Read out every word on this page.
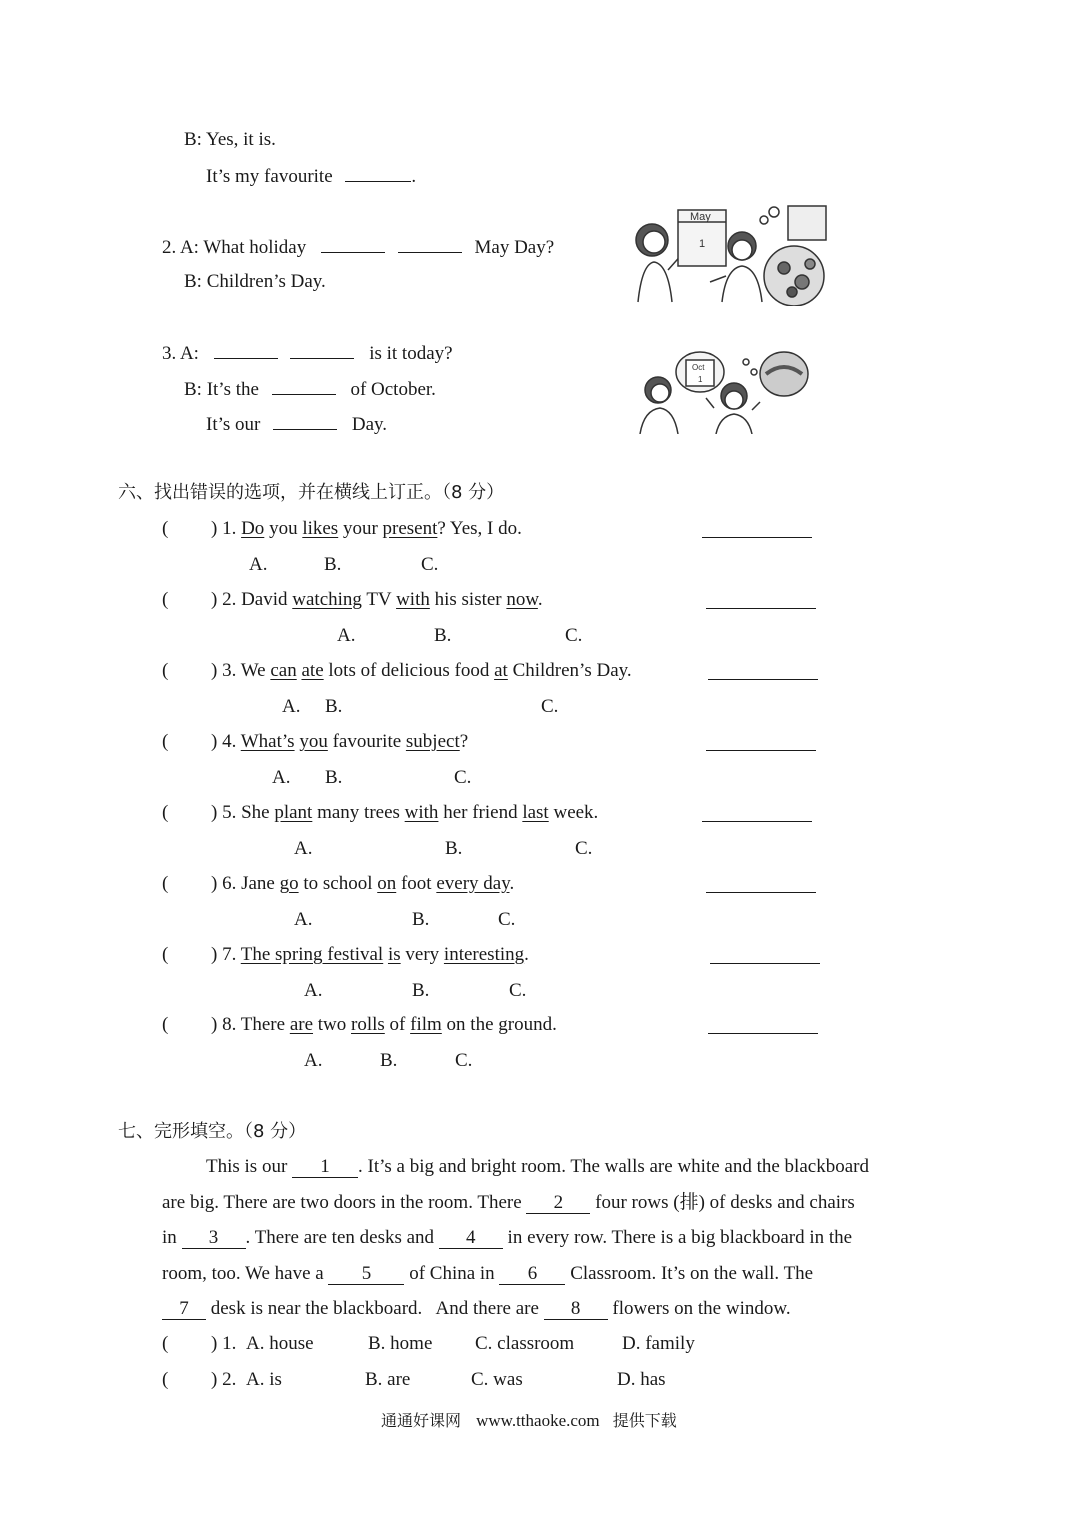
B: Yes, it is.
It’s my favourite	.
2. A: What holiday	May Day?
B: Children’s Day.
May
1
3. A:	is it today?
B: It’s the	of October.
It’s our	Day.
Oct
1
六、找出错误的选项，并在横线上订正。（8 分）
( ) 1. Do you likes your present? Yes, I do.
A.	B.	C.
( ) 2. David watching TV with his sister now.
A.	B.	C.
( ) 3. We can ate lots of delicious food at Children’s Day.
A. B.	C.
( ) 4. What’s you favourite subject?
A. B.	C.
( ) 5. She plant many trees with her friend last week.
A.	B.	C.
( ) 6. Jane go to school on foot every day.
A.	B.	C.
( ) 7. The spring festival is very interesting.
A.	B.	C.
( ) 8. There are two rolls of film on the ground.
A.	B.	C.
七、完形填空。（8 分）
This is our 1 . It’s a big and bright room. The walls are white and the blackboard
are big. There are two doors in the room. There 2 four rows (排) of desks and chairs
in 3 . There are ten desks and 4 in every row. There is a big blackboard in the
room, too. We have a 5 of China in 6 Classroom. It’s on the wall. The
7 desk is near the blackboard.   And there are 8 flowers on the window.
( ) 1. A. house	B. home C. classroom	D. family
( ) 2. A. is	B. are	C. was	D. has
通通好课网 www.tthaoke.com 提供下载
